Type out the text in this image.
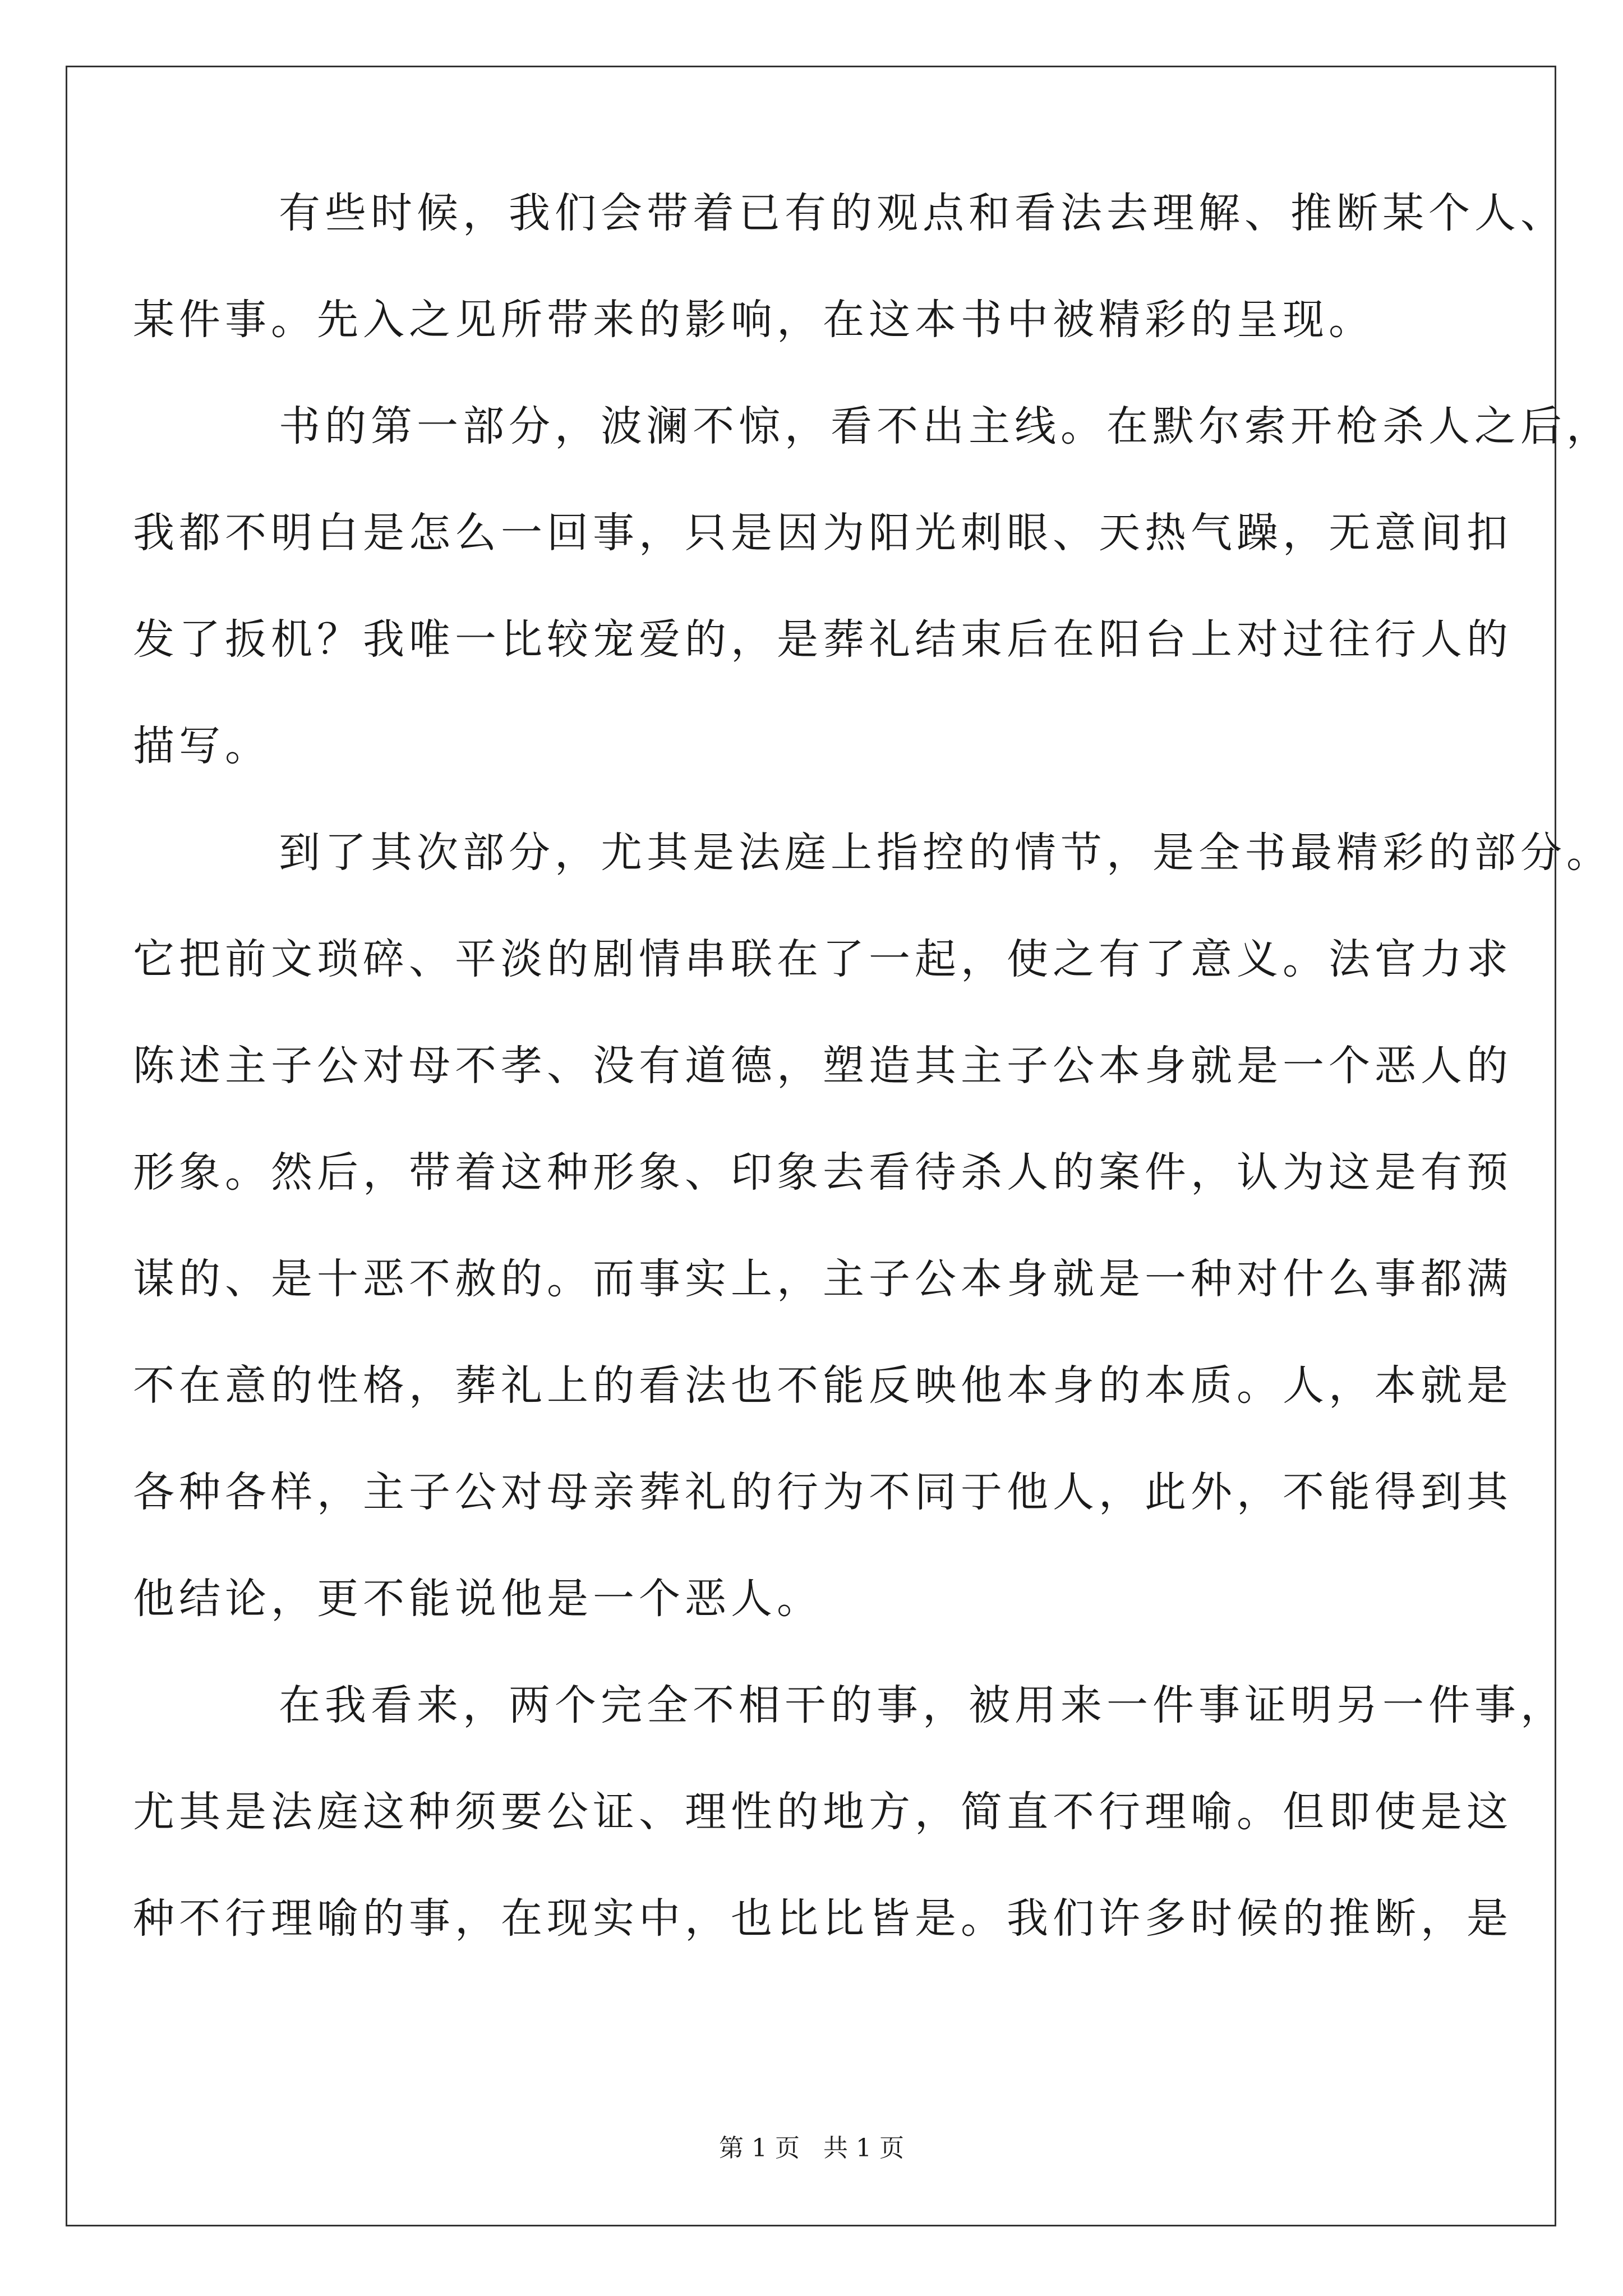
有些时候，我们会带着已有的观点和看法去理解、推断某个人、
某件事。先入之见所带来的影响，在这本书中被精彩的呈现。
书的第一部分，波澜不惊，看不出主线。在默尔索开枪杀人之后，
我都不明白是怎么一回事，只是因为阳光刺眼、天热气躁，无意间扣
发了扳机？我唯一比较宠爱的，是葬礼结束后在阳台上对过往行人的
描写。
到了其次部分，尤其是法庭上指控的情节，是全书最精彩的部分。
它把前文琐碎、平淡的剧情串联在了一起，使之有了意义。法官力求
陈述主子公对母不孝、没有道德，塑造其主子公本身就是一个恶人的
形象。然后，带着这种形象、印象去看待杀人的案件，认为这是有预
谋的、是十恶不赦的。而事实上，主子公本身就是一种对什么事都满
不在意的性格，葬礼上的看法也不能反映他本身的本质。人，本就是
各种各样，主子公对母亲葬礼的行为不同于他人，此外，不能得到其
他结论，更不能说他是一个恶人。
在我看来，两个完全不相干的事，被用来一件事证明另一件事，
尤其是法庭这种须要公证、理性的地方，简直不行理喻。但即使是这
种不行理喻的事，在现实中，也比比皆是。我们许多时候的推断，是
第 1 页 共 1 页
